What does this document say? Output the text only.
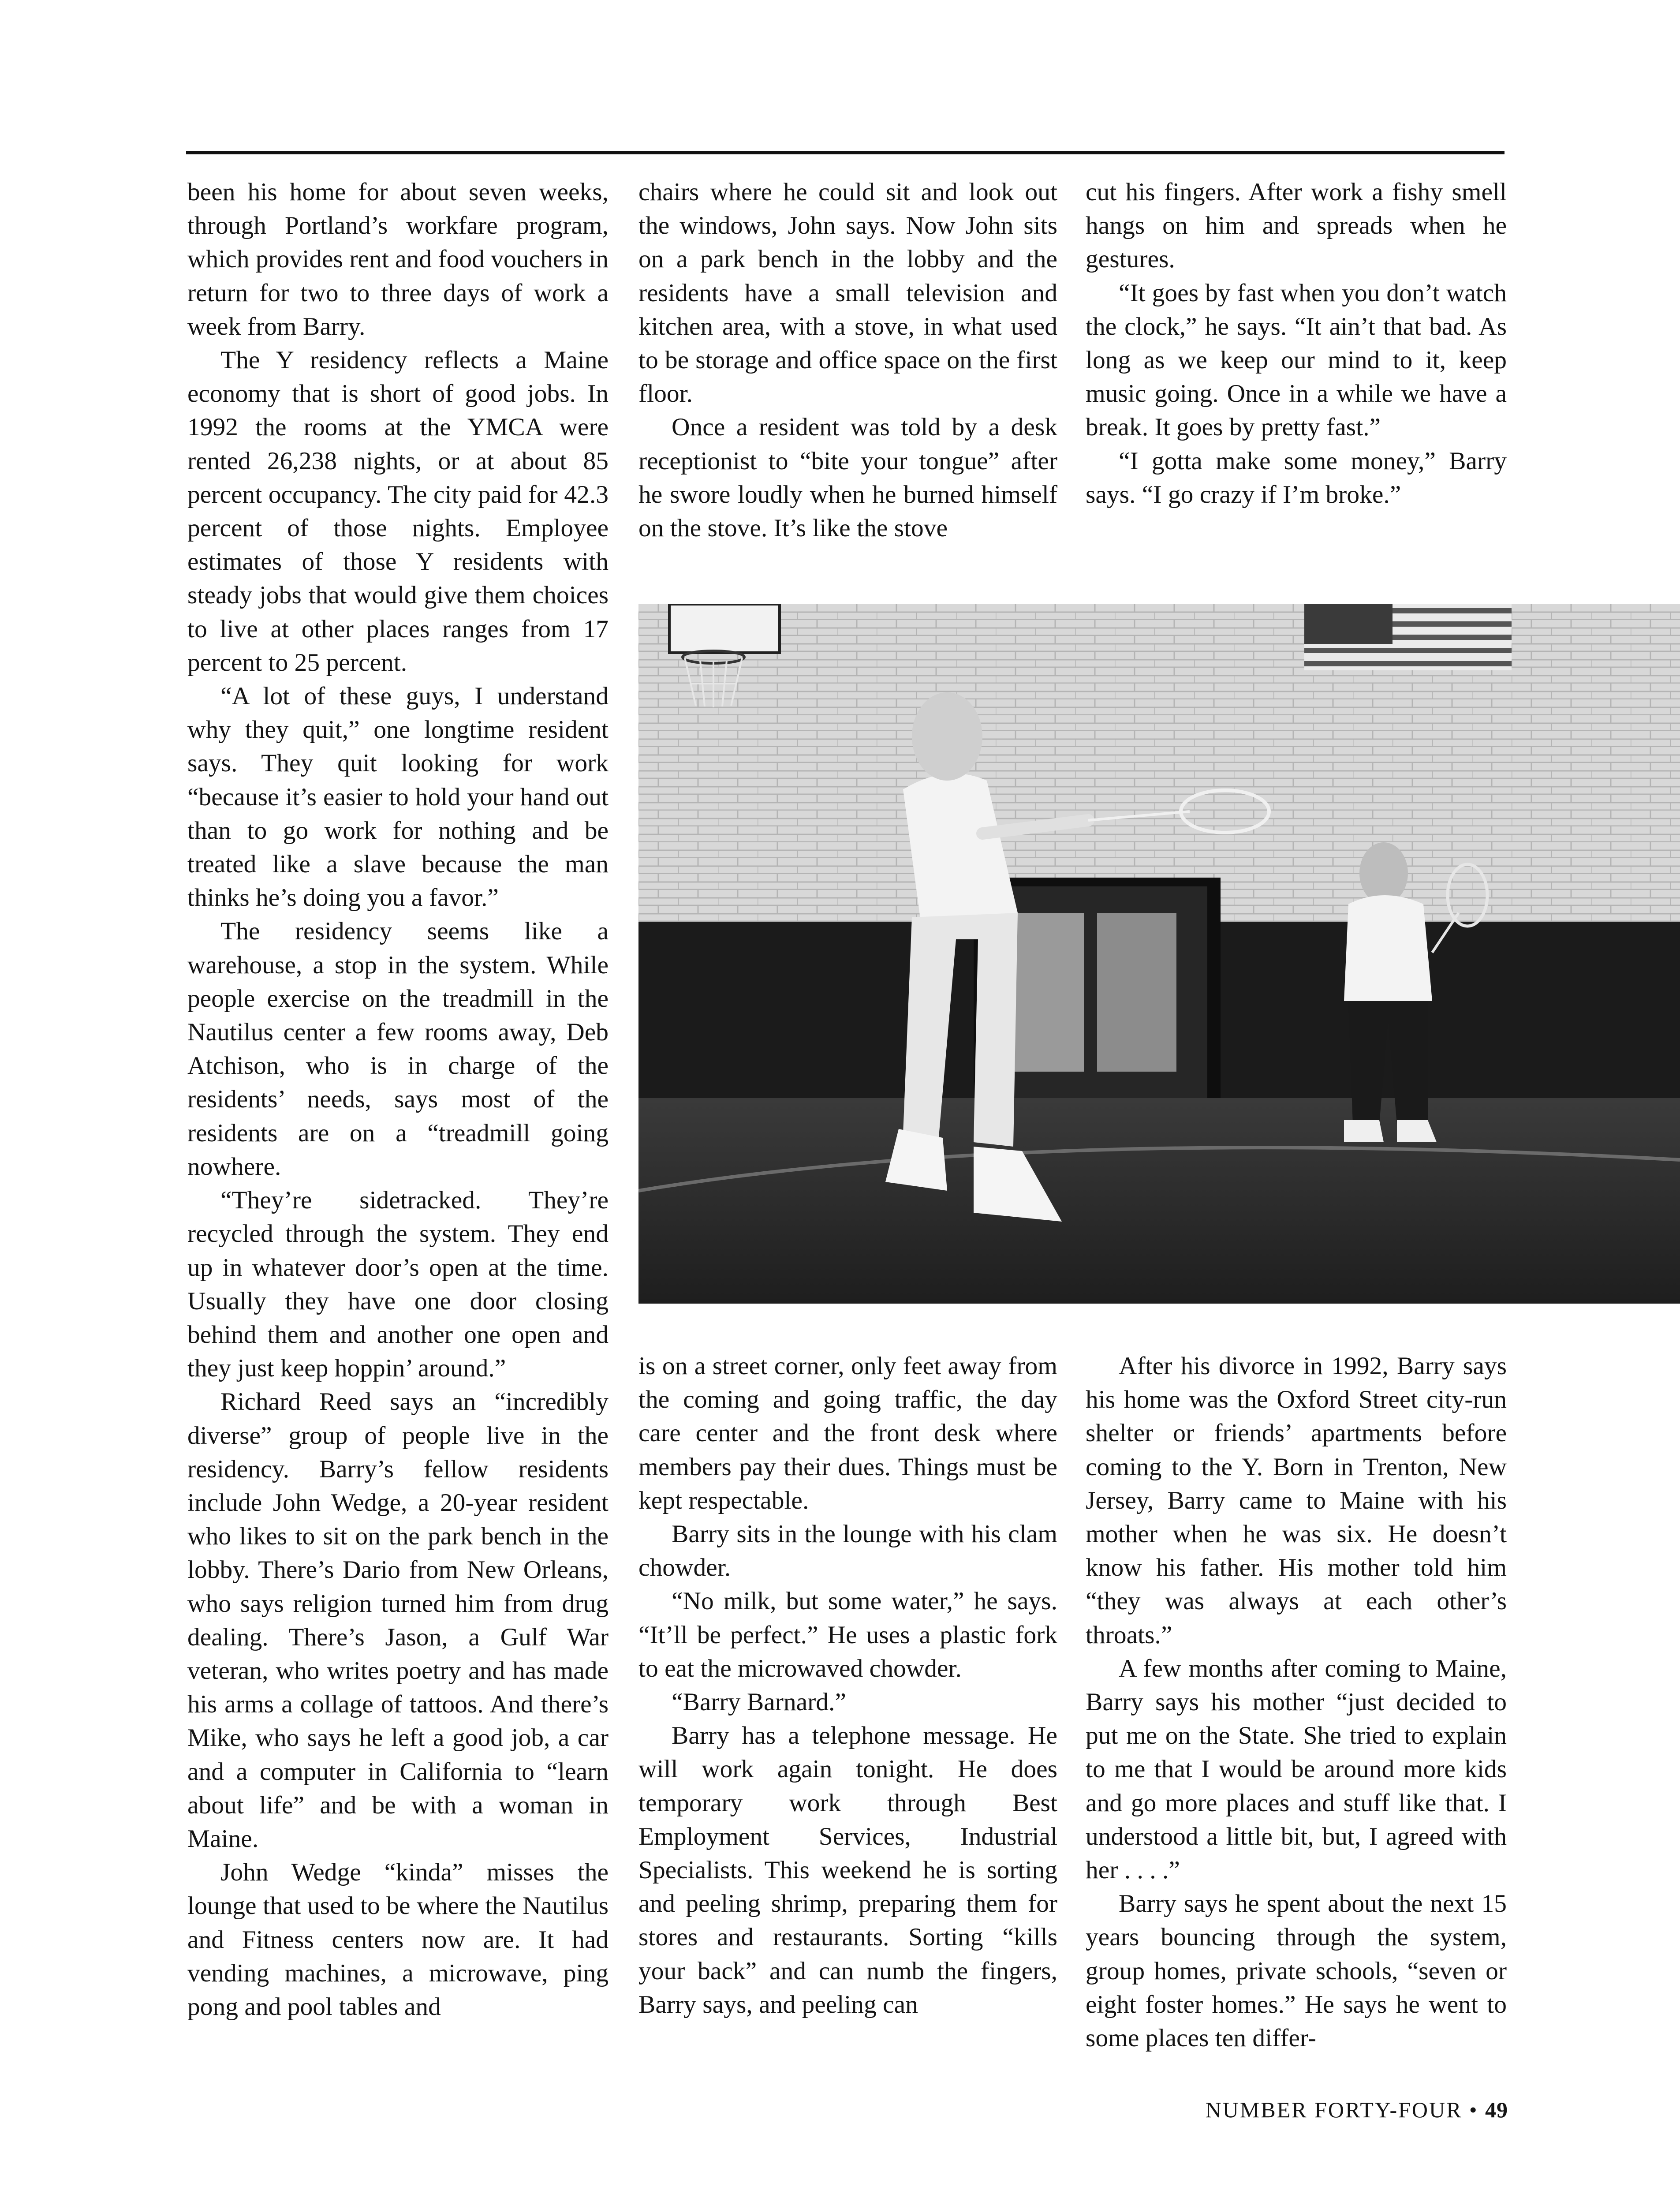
been his home for about seven weeks, through Portland’s workfare program, which provides rent and food vouchers in return for two to three days of work a week from Barry.

The Y residency reflects a Maine economy that is short of good jobs. In 1992 the rooms at the YMCA were rented 26,238 nights, or at about 85 percent occupancy. The city paid for 42.3 percent of those nights. Employee estimates of those Y residents with steady jobs that would give them choices to live at other places ranges from 17 percent to 25 percent.

“A lot of these guys, I understand why they quit,” one longtime resident says. They quit looking for work “because it’s easier to hold your hand out than to go work for nothing and be treated like a slave because the man thinks he’s doing you a favor.”

The residency seems like a warehouse, a stop in the system. While people exercise on the treadmill in the Nautilus center a few rooms away, Deb Atchison, who is in charge of the residents’ needs, says most of the residents are on a “treadmill going nowhere.

“They’re sidetracked. They’re recycled through the system. They end up in whatever door’s open at the time. Usually they have one door closing behind them and another one open and they just keep hoppin’ around.”

Richard Reed says an “incredibly diverse” group of people live in the residency. Barry’s fellow residents include John Wedge, a 20-year resident who likes to sit on the park bench in the lobby. There’s Dario from New Orleans, who says religion turned him from drug dealing. There’s Jason, a Gulf War veteran, who writes poetry and has made his arms a collage of tattoos. And there’s Mike, who says he left a good job, a car and a computer in California to “learn about life” and be with a woman in Maine.

John Wedge “kinda” misses the lounge that used to be where the Nautilus and Fitness centers now are. It had vending machines, a microwave, ping pong and pool tables and

chairs where he could sit and look out the windows, John says. Now John sits on a park bench in the lobby and the residents have a small television and kitchen area, with a stove, in what used to be storage and office space on the first floor.

Once a resident was told by a desk receptionist to “bite your tongue” after he swore loudly when he burned himself on the stove. It’s like the stove

cut his fingers. After work a fishy smell hangs on him and spreads when he gestures.

“It goes by fast when you don’t watch the clock,” he says. “It ain’t that bad. As long as we keep our mind to it, keep music going. Once in a while we have a break. It goes by pretty fast.”

“I gotta make some money,” Barry says. “I go crazy if I’m broke.”

is on a street corner, only feet away from the coming and going traffic, the day care center and the front desk where members pay their dues. Things must be kept respectable.

Barry sits in the lounge with his clam chowder.

“No milk, but some water,” he says. “It’ll be perfect.” He uses a plastic fork to eat the microwaved chowder.

“Barry Barnard.”

Barry has a telephone message. He will work again tonight. He does temporary work through Best Employment Services, Industrial Specialists. This weekend he is sorting and peeling shrimp, preparing them for stores and restaurants. Sorting “kills your back” and can numb the fingers, Barry says, and peeling can

After his divorce in 1992, Barry says his home was the Oxford Street city-run shelter or friends’ apartments before coming to the Y. Born in Trenton, New Jersey, Barry came to Maine with his mother when he was six. He doesn’t know his father. His mother told him “they was always at each other’s throats.”

A few months after coming to Maine, Barry says his mother “just decided to put me on the State. She tried to explain to me that I would be around more kids and go more places and stuff like that. I understood a little bit, but, I agreed with her . . . .”

Barry says he spent about the next 15 years bouncing through the system, group homes, private schools, “seven or eight foster homes.” He says he went to some places ten differ-

NUMBER FORTY-FOUR • 49
